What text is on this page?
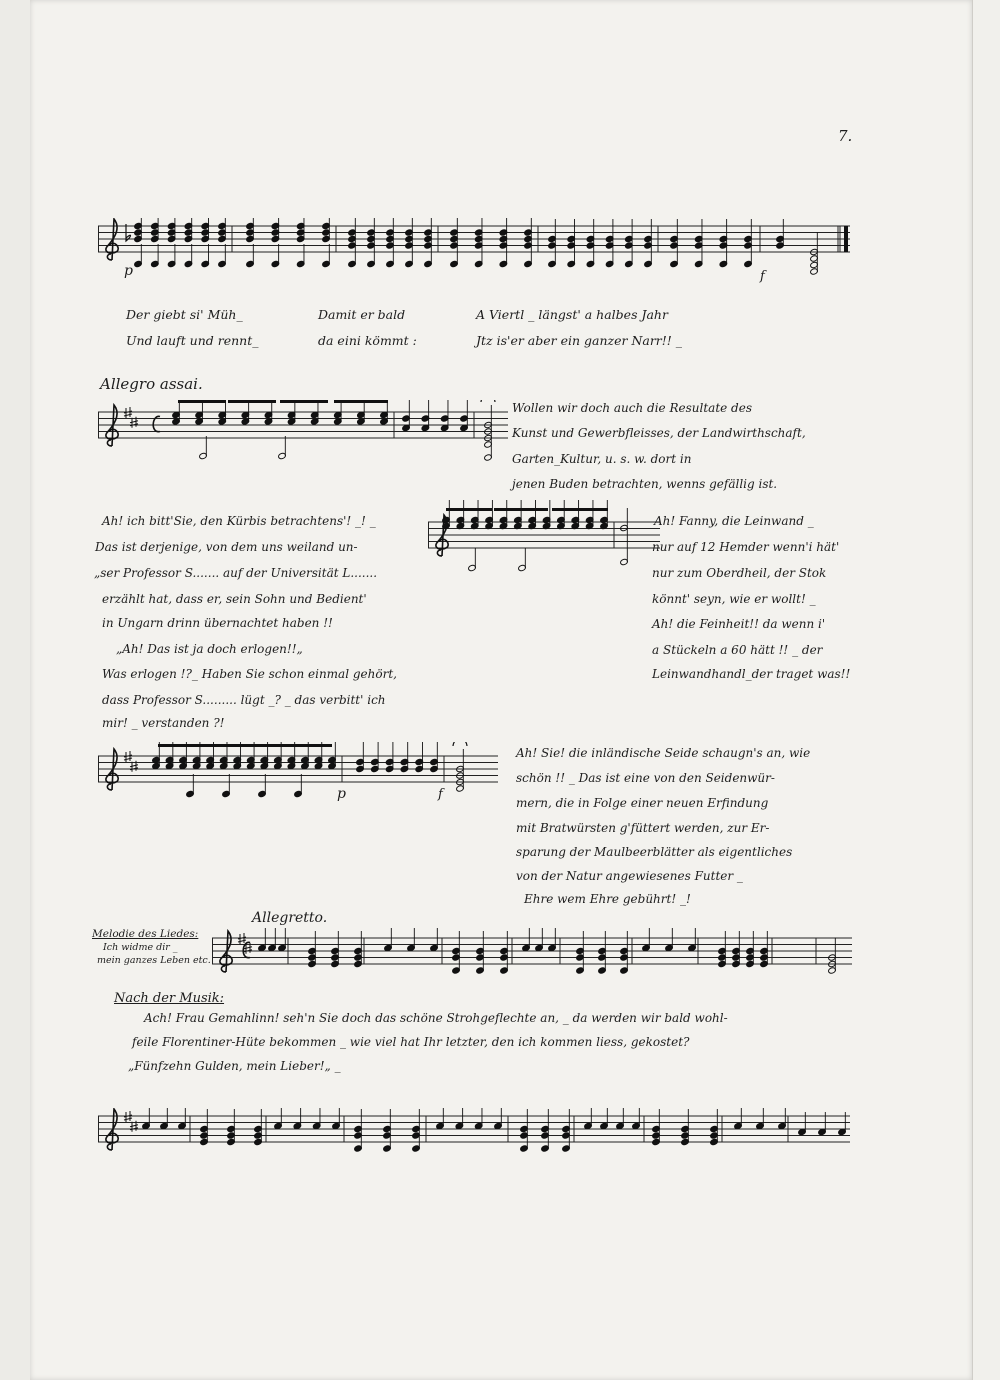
7.
p	f
Der giebt si' Müh_
Und lauft und rennt_
Damit er bald
da eini kömmt :
A Viertl _ längst' a halbes Jahr
Jtz is'er aber ein ganzer Narr!! _
Allegro assai.
Wollen wir doch auch die Resultate des
Kunst und Gewerbfleisses, der Landwirthschaft,
Garten_Kultur, u. s. w. dort in
jenen Buden betrachten, wenns gefällig ist.
Ah! ich bitt'Sie, den Kürbis betrachtens'! _! _
Das ist derjenige, von dem uns weiland un-
„ser Professor S....... auf der Universität L.......
erzählt hat, dass er, sein Sohn und Bedient'
in Ungarn drinn übernachtet haben !!
„Ah! Das ist ja doch erlogen!!„
Was erlogen !?_ Haben Sie schon einmal gehört,
dass Professor S......... lügt _? _ das verbitt' ich
mir! _ verstanden ?!
Ah! Fanny, die Leinwand _
nur auf 12 Hemder wenn'i hät'
nur zum Oberdheil, der Stok
könnt' seyn, wie er wollt! _
Ah! die Feinheit!! da wenn i'
a Stückeln a 60 hätt !! _ der
Leinwandhandl_der traget was!!
p	f
Ah! Sie! die inländische Seide schaugn's an, wie
schön !! _ Das ist eine von den Seidenwür-
mern, die in Folge einer neuen Erfindung
mit Bratwürsten g'füttert werden, zur Er-
sparung der Maulbeerblätter als eigentliches
von der Natur angewiesenes Futter _
Ehre wem Ehre gebührt! _!
Melodie des Liedes:
Ich widme dir _
mein ganzes Leben etc.
Allegretto.
Nach der Musik:
Ach! Frau Gemahlinn! seh'n Sie doch das schöne Strohgeflechte an, _ da werden wir bald wohl-
feile Florentiner-Hüte bekommen _ wie viel hat Ihr letzter, den ich kommen liess, gekostet?
„Fünfzehn Gulden, mein Lieber!„ _
